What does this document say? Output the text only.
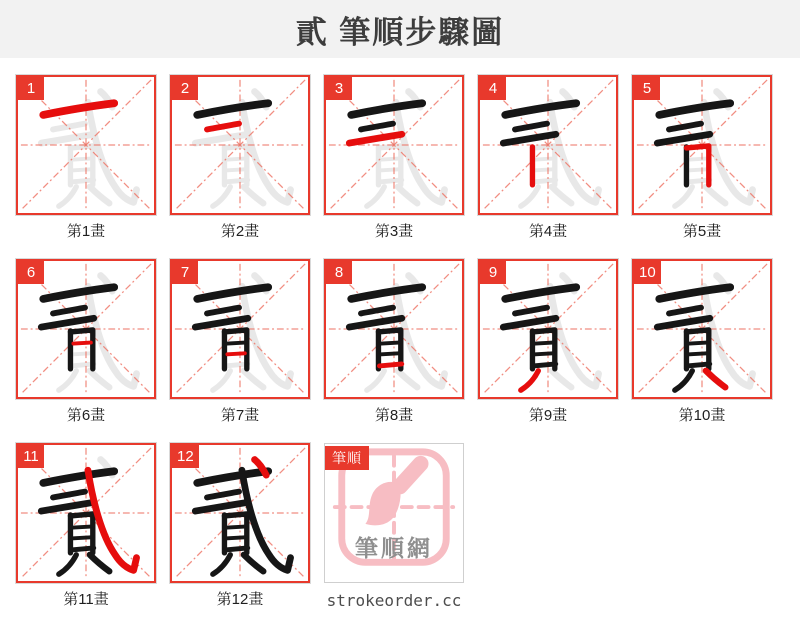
貳 筆順步驟圖
1
第1畫
2
第2畫
3
第3畫
4
第4畫
5
第5畫
6
第6畫
7
第7畫
8
第8畫
9
第9畫
10
第10畫
11
第11畫
12
第12畫
筆順
筆順網
strokeorder.cc
